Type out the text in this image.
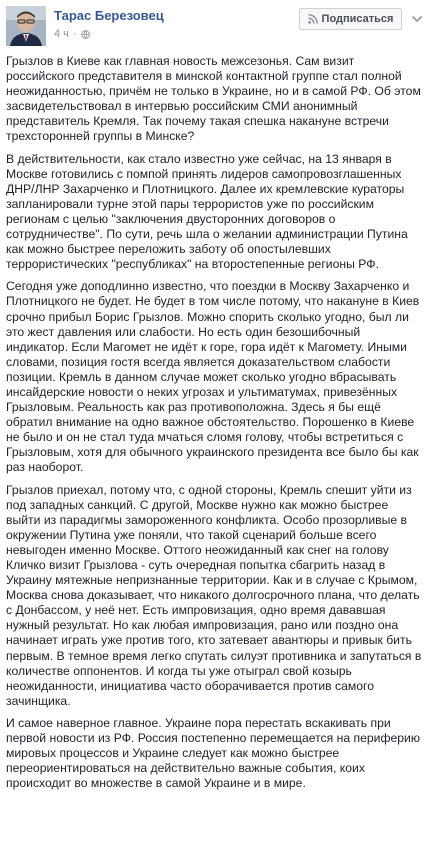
Тарас Березовец
4 ч ·
Подписаться

Грызлов в Киеве как главная новость межсезонья. Сам визит российского представителя в минской контактной группе стал полной неожиданностью, причём не только в Украине, но и в самой РФ. Об этом засвидетельствовал в интервью российским СМИ анонимный представитель Кремля. Так почему такая спешка накануне встречи трехсторонней группы в Минске?

В действительности, как стало известно уже сейчас, на 13 января в Москве готовились с помпой принять лидеров самопровозглашенных ДНР/ЛНР Захарченко и Плотницкого. Далее их кремлевские кураторы запланировали турне этой пары террористов уже по российским регионам с целью "заключения двусторонних договоров о сотрудничестве". По сути, речь шла о желании администрации Путина как можно быстрее переложить заботу об опостылевших террористических "республиках" на второстепенные регионы РФ.

Сегодня уже доподлинно известно, что поездки в Москву Захарченко и Плотницкого не будет. Не будет в том числе потому, что накануне в Киев срочно прибыл Борис Грызлов. Можно спорить сколько угодно, был ли это жест давления или слабости. Но есть один безошибочный индикатор. Если Магомет не идёт к горе, гора идёт к Магомету. Иными словами, позиция гостя всегда является доказательством слабости позиции. Кремль в данном случае может сколько угодно вбрасывать инсайдерские новости о неких угрозах и ультиматумах, привезённых Грызловым. Реальность как раз противоположна. Здесь я бы ещё обратил внимание на одно важное обстоятельство. Порошенко в Киеве не было и он не стал туда мчаться сломя голову, чтобы встретиться с Грызловым, хотя для обычного украинского президента все было бы как раз наоборот.

Грызлов приехал, потому что, с одной стороны, Кремль спешит уйти из под западных санкций. С другой, Москве нужно как можно быстрее выйти из парадигмы замороженного конфликта. Особо прозорливые в окружении Путина уже поняли, что такой сценарий больше всего невыгоден именно Москве. Оттого неожиданный как снег на голову Кличко визит Грызлова - суть очередная попытка сбагрить назад в Украину мятежные непризнанные территории. Как и в случае с Крымом, Москва снова доказывает, что никакого долгосрочного плана, что делать с Донбассом, у неё нет. Есть импровизация, одно время дававшая нужный результат. Но как любая импровизация, рано или поздно она начинает играть уже против того, кто затевает авантюры и привык бить первым. В темное время легко спутать силуэт противника и запутаться в количестве оппонентов. И когда ты уже отыграл свой козырь неожиданности, инициатива часто оборачивается против самого зачинщика.

И самое наверное главное. Украине пора перестать вскакивать при первой новости из РФ. Россия постепенно перемещается на периферию мировых процессов и Украине следует как можно быстрее переориентироваться на действительно важные события, коих происходит во множестве в самой Украине и в мире.
